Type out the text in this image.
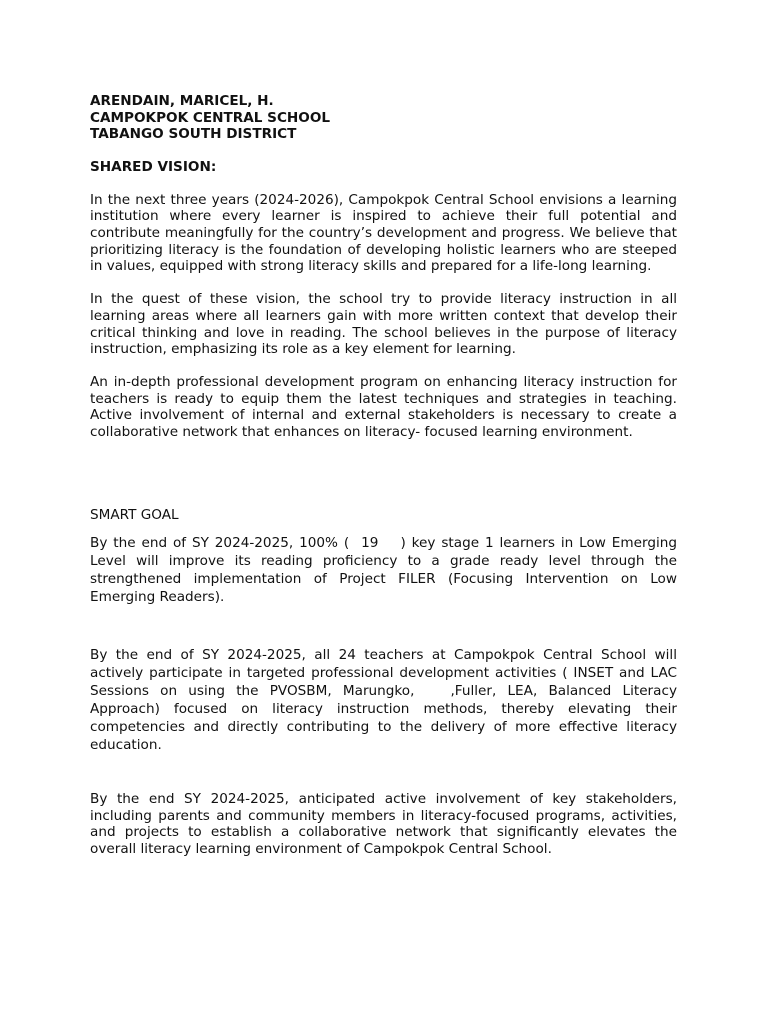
ARENDAIN, MARICEL, H.

CAMPOKPOK CENTRAL SCHOOL

TABANGO SOUTH DISTRICT

SHARED VISION:

In the next three years (2024-2026), Campokpok Central School envisions a learning institution where every learner is inspired to achieve their full potential and contribute meaningfully for the country’s development and progress. We believe that prioritizing literacy is the foundation of developing holistic learners who are steeped in values, equipped with strong literacy skills and prepared for a life-long learning.

In the quest of these vision, the school try to provide literacy instruction in all learning areas where all learners gain with more written context that develop their critical thinking and love in reading. The school believes in the purpose of literacy instruction, emphasizing its role as a key element for learning.

An in-depth professional development program on enhancing literacy instruction for teachers is ready to equip them the latest techniques and strategies in teaching. Active involvement of internal and external stakeholders is necessary to create a collaborative network that enhances on literacy- focused learning environment.

SMART GOAL

By the end of SY 2024-2025, 100% ( 19 ) key stage 1 learners in Low Emerging Level will improve its reading proficiency to a grade ready level through the strengthened implementation of Project FILER (Focusing Intervention on Low Emerging Readers).

By the end of SY 2024-2025, all 24 teachers at Campokpok Central School will actively participate in targeted professional development activities ( INSET and LAC Sessions on using the PVOSBM, Marungko,	,Fuller, LEA, Balanced Literacy Approach) focused on literacy instruction methods, thereby elevating their competencies and directly contributing to the delivery of more effective literacy education.

By the end SY 2024-2025, anticipated active involvement of key stakeholders, including parents and community members in literacy-focused programs, activities, and projects to establish a collaborative network that significantly elevates the overall literacy learning environment of Campokpok Central School.
